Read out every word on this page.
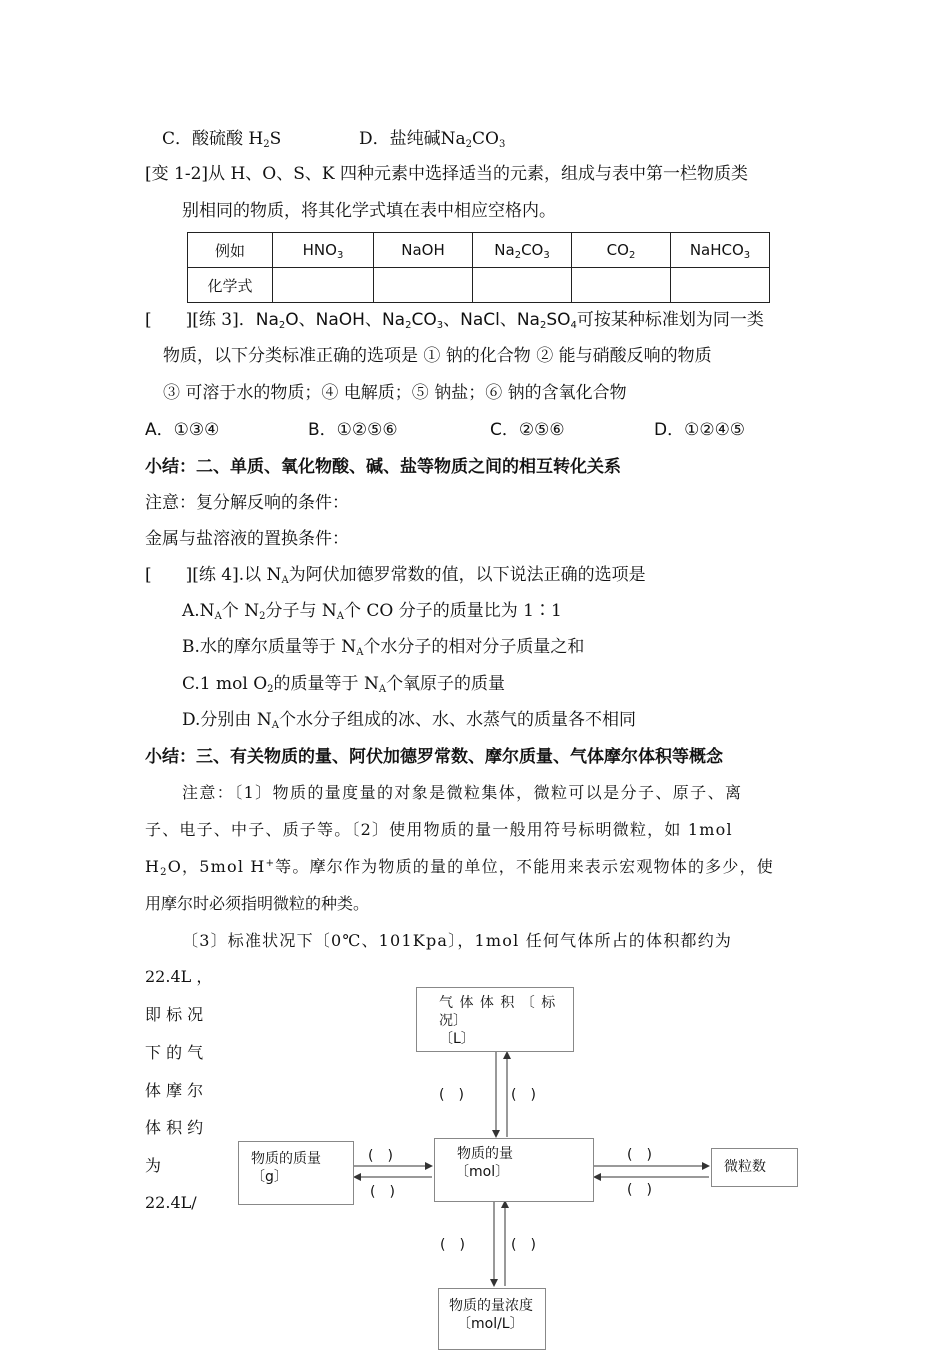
C．酸硫酸 $H_2S$	D．盐纯碱$Na_2CO_3$
[变 1-2]从 H、O、S、K 四种元素中选择适当的元素，组成与表中第一栏物质类
别相同的物质，将其化学式填在表中相应空格内。
例如	$HNO_3$	NaOH	$Na_2CO_3$	$CO_2$	NaHCO$_3$
化学式					
[　　][练 3]．$Na_2O$、NaOH、$Na_2CO_3$、NaCl、$Na_2SO_4$可按某种标准划为同一类
物质，以下分类标准正确的选项是 ① 钠的化合物 ② 能与硝酸反响的物质
③ 可溶于水的物质；④ 电解质；⑤ 钠盐；⑥ 钠的含氧化合物
A．①③④	B．①②⑤⑥	C．②⑤⑥	D．①②④⑤
小结：二、单质、氧化物酸、碱、盐等物质之间的相互转化关系
注意：复分解反响的条件：
金属与盐溶液的置换条件：
[　　][练 4].以 $N_A$为阿伏加德罗常数的值，以下说法正确的选项是
$A.N_A$个 $N_2$分子与 $N_A$个 CO 分子的质量比为 1∶1
B.水的摩尔质量等于 $N_A$个水分子的相对分子质量之和
C.1 mol $O_2$的质量等于 $N_A$个氧原子的质量
D.分别由 $N_A$个水分子组成的冰、水、水蒸气的质量各不相同
小结：三、有关物质的量、阿伏加德罗常数、摩尔质量、气体摩尔体积等概念
注意：〔1〕物质的量度量的对象是微粒集体，微粒可以是分子、原子、离
子、电子、中子、质子等。〔2〕使用物质的量一般用符号标明微粒，如 1mol
$H_2O$，5mol H+等。摩尔作为物质的量的单位，不能用来表示宏观物体的多少，使
用摩尔时必须指明微粒的种类。
〔3〕标准状况下〔0℃、101Kpa〕，1mol 任何气体所占的体积都约为
22.4L ，
即 标 况
下 的 气
体 摩 尔
体 积 约
为
22.4L/
气 体 体 积 〔 标
况〕
〔L〕
物质的量
〔mol〕
物质的质量
〔g〕
微粒数
物质的量浓度
〔mol/L〕
(　)	(　)
(　)
(　)
(　)
(　)
(　)	(　)
